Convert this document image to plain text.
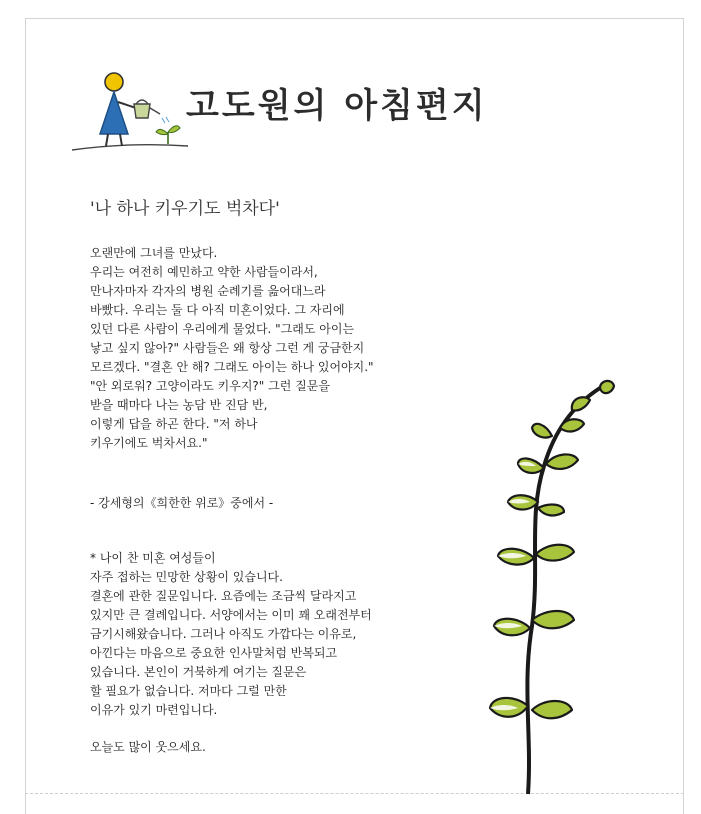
고도원의 아침편지
'나 하나 키우기도 벅차다'
오랜만에 그녀를 만났다.
우리는 여전히 예민하고 약한 사람들이라서,
만나자마자 각자의 병원 순례기를 읊어대느라
바빴다. 우리는 둘 다 아직 미혼이었다. 그 자리에
있던 다른 사람이 우리에게 물었다. "그래도 아이는
낳고 싶지 않아?" 사람들은 왜 항상 그런 게 궁금한지
모르겠다. "결혼 안 해? 그래도 아이는 하나 있어야지."
"안 외로워? 고양이라도 키우지?" 그런 질문을
받을 때마다 나는 농담 반 진담 반,
이렇게 답을 하곤 한다. "저 하나
키우기에도 벅차서요."
- 강세형의《희한한 위로》중에서 -
* 나이 찬 미혼 여성들이
자주 접하는 민망한 상황이 있습니다.
결혼에 관한 질문입니다. 요즘에는 조금씩 달라지고
있지만 큰 결례입니다. 서양에서는 이미 꽤 오래전부터
금기시해왔습니다. 그러나 아직도 가깝다는 이유로,
아낀다는 마음으로 중요한 인사말처럼 반복되고
있습니다. 본인이 거북하게 여기는 질문은
할 필요가 없습니다. 저마다 그럴 만한
이유가 있기 마련입니다.
오늘도 많이 웃으세요.
